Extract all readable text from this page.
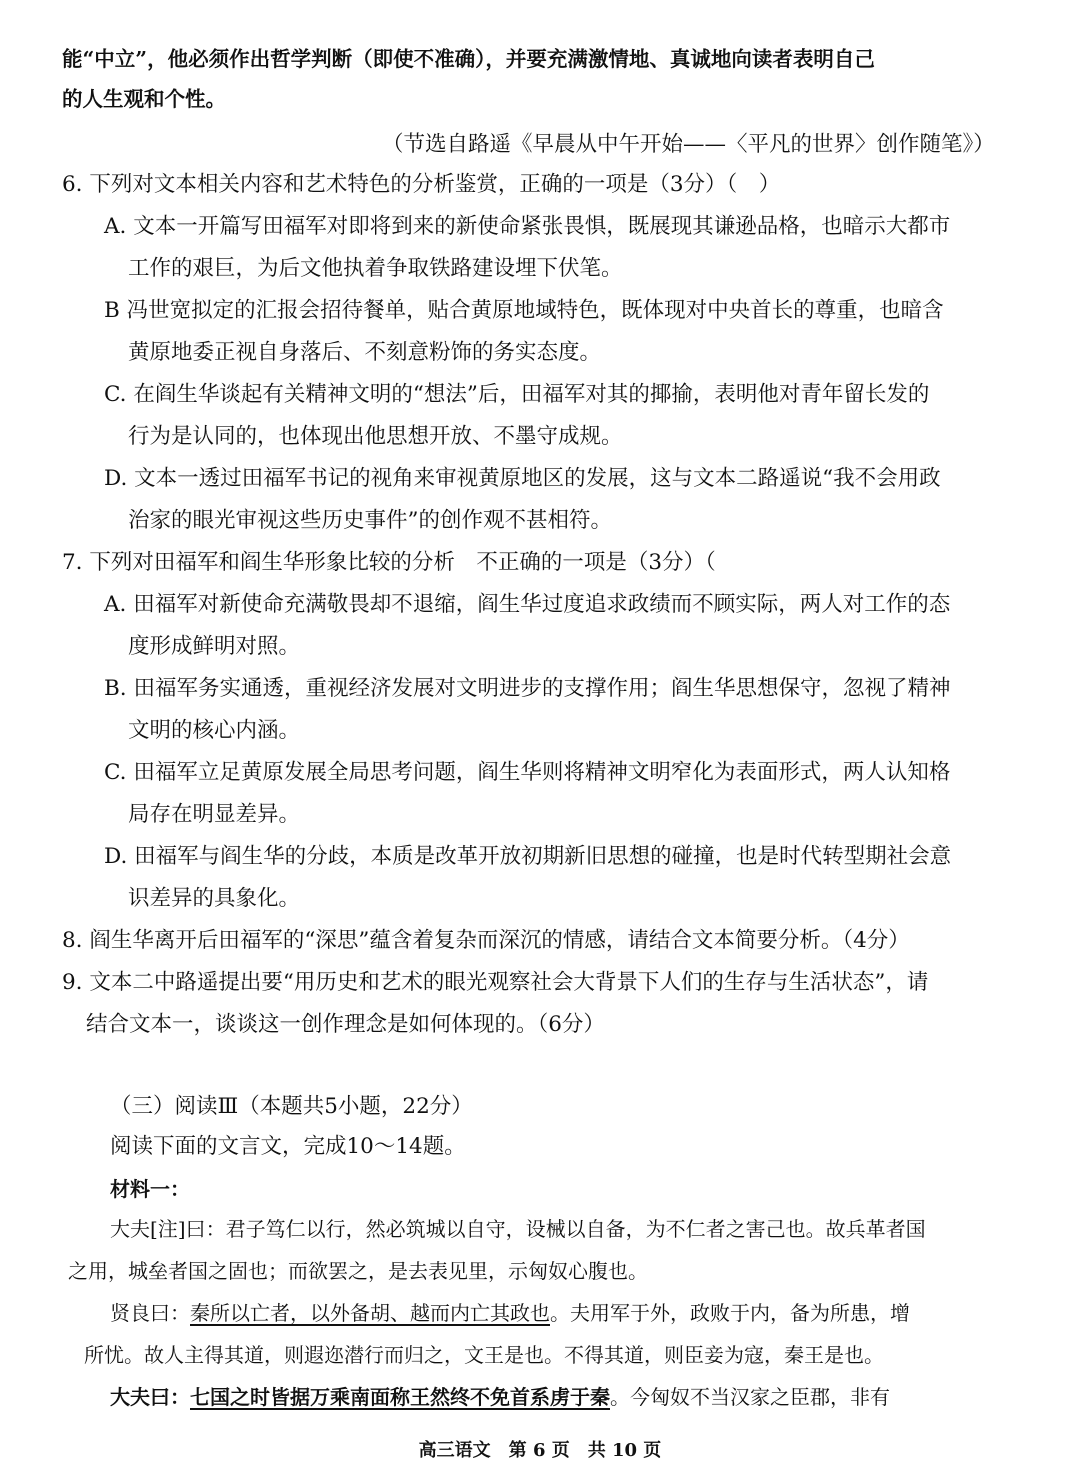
能“中立”，他必须作出哲学判断（即使不准确），并要充满激情地、真诚地向读者表明自己
的人生观和个性。
（节选自路遥《早晨从中午开始——〈平凡的世界〉创作随笔》）
6. 下列对文本相关内容和艺术特色的分析鉴赏，正确的一项是（3分）（　）
A. 文本一开篇写田福军对即将到来的新使命紧张畏惧，既展现其谦逊品格，也暗示大都市
工作的艰巨，为后文他执着争取铁路建设埋下伏笔。
B 冯世宽拟定的汇报会招待餐单，贴合黄原地域特色，既体现对中央首长的尊重，也暗含
黄原地委正视自身落后、不刻意粉饰的务实态度。
C. 在阎生华谈起有关精神文明的“想法”后，田福军对其的揶揄，表明他对青年留长发的
行为是认同的，也体现出他思想开放、不墨守成规。
D. 文本一透过田福军书记的视角来审视黄原地区的发展，这与文本二路遥说“我不会用政
治家的眼光审视这些历史事件”的创作观不甚相符。
7. 下列对田福军和阎生华形象比较的分析　不正确的一项是（3分）（
A. 田福军对新使命充满敬畏却不退缩，阎生华过度追求政绩而不顾实际，两人对工作的态
度形成鲜明对照。
B. 田福军务实通透，重视经济发展对文明进步的支撑作用；阎生华思想保守，忽视了精神
文明的核心内涵。
C. 田福军立足黄原发展全局思考问题，阎生华则将精神文明窄化为表面形式，两人认知格
局存在明显差异。
D. 田福军与阎生华的分歧，本质是改革开放初期新旧思想的碰撞，也是时代转型期社会意
识差异的具象化。
8. 阎生华离开后田福军的“深思”蕴含着复杂而深沉的情感，请结合文本简要分析。（4分）
9. 文本二中路遥提出要“用历史和艺术的眼光观察社会大背景下人们的生存与生活状态”，请
结合文本一，谈谈这一创作理念是如何体现的。（6分）
（三）阅读Ⅲ（本题共5小题，22分）
阅读下面的文言文，完成10～14题。
材料一：
大夫[注]曰：君子笃仁以行，然必筑城以自守，设械以自备，为不仁者之害己也。故兵革者国
之用，城垒者国之固也；而欲罢之，是去表见里，示匈奴心腹也。
贤良曰：秦所以亡者，以外备胡、越而内亡其政也。夫用军于外，政败于内，备为所患，增
所忧。故人主得其道，则遐迩潜行而归之，文王是也。不得其道，则臣妾为寇，秦王是也。
大夫曰：七国之时皆据万乘南面称王然终不免首系虏于秦。今匈奴不当汉家之臣郡，非有
高三语文　第 6 页　共 10 页
